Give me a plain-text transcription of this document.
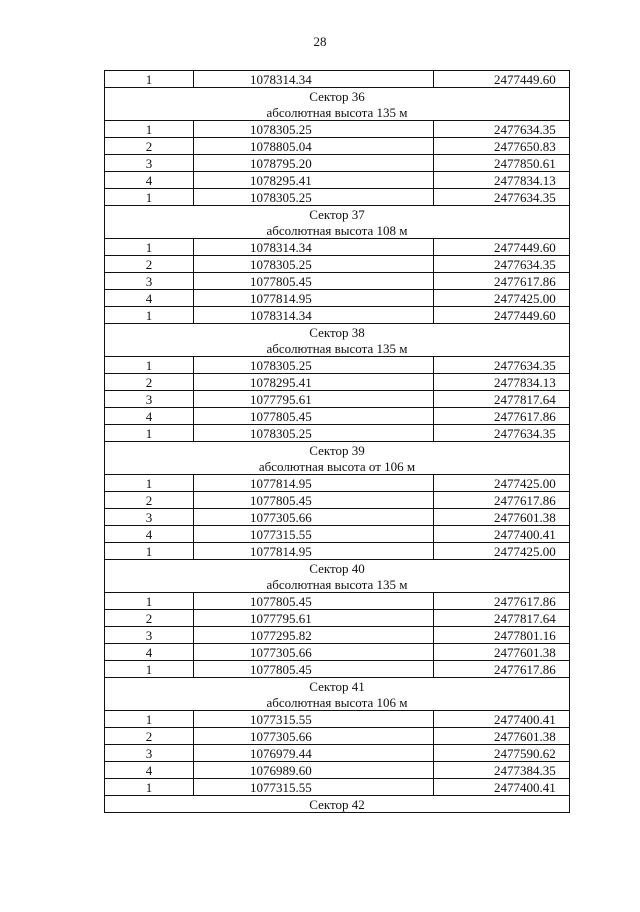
28
1	1078314.34	2477449.60
Сектор 36		
абсолютная высота 135 м		
1	1078305.25	2477634.35
2	1078805.04	2477650.83
3	1078795.20	2477850.61
4	1078295.41	2477834.13
1	1078305.25	2477634.35
Сектор 37		
абсолютная высота 108 м		
1	1078314.34	2477449.60
2	1078305.25	2477634.35
3	1077805.45	2477617.86
4	1077814.95	2477425.00
1	1078314.34	2477449.60
Сектор 38		
абсолютная высота 135 м		
1	1078305.25	2477634.35
2	1078295.41	2477834.13
3	1077795.61	2477817.64
4	1077805.45	2477617.86
1	1078305.25	2477634.35
Сектор 39		
абсолютная высота от 106 м		
1	1077814.95	2477425.00
2	1077805.45	2477617.86
3	1077305.66	2477601.38
4	1077315.55	2477400.41
1	1077814.95	2477425.00
Сектор 40		
абсолютная высота 135 м		
1	1077805.45	2477617.86
2	1077795.61	2477817.64
3	1077295.82	2477801.16
4	1077305.66	2477601.38
1	1077805.45	2477617.86
Сектор 41		
абсолютная высота 106 м		
1	1077315.55	2477400.41
2	1077305.66	2477601.38
3	1076979.44	2477590.62
4	1076989.60	2477384.35
1	1077315.55	2477400.41
Сектор 42		
